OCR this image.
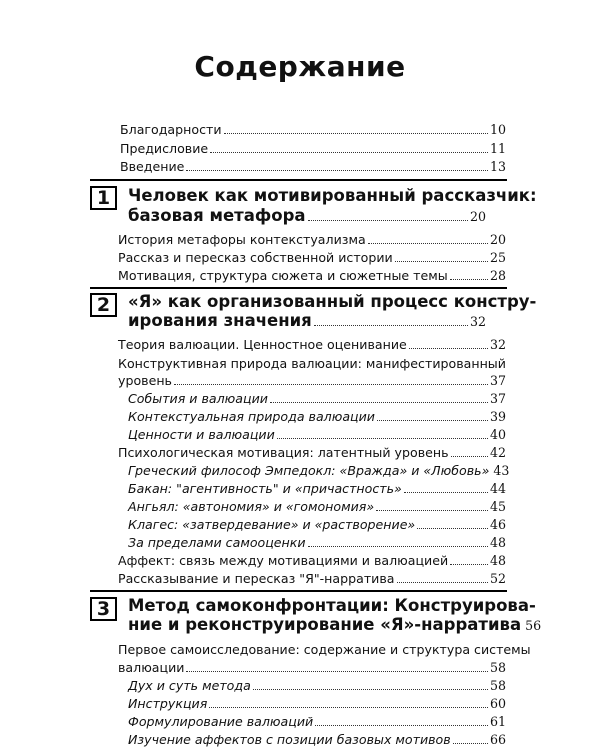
Содержание
Благодарности	10
Предисловие	11
Введение	13
1	Человек как мотивированный рассказчик:
базовая метафора	20
История метафоры контекстуализма	20
Рассказ и пересказ собственной истории	25
Мотивация, структура сюжета и сюжетные темы	28
2	«Я» как организованный процесс констру-
ирования значения	32
Теория валюации. Ценностное оценивание	32
Конструктивная природа валюации: манифестированный
уровень	37
События и валюации	37
Контекстуальная природа валюации	39
Ценности и валюации	40
Психологическая мотивация: латентный уровень	42
Греческий философ Эмпедокл: «Вражда» и «Любовь» 43
Бакан: "агентивность" и «причастность»	44
Ангьял: «автономия» и «гомономия»	45
Клагес: «затвердевание» и «растворение»	46
За пределами самооценки	48
Аффект: связь между мотивациями и валюацией	48
Рассказывание и пересказ "Я"-нарратива	52
3	Метод самоконфронтации: Конструирова-
ние и реконструирование «Я»-нарратива 56
Первое самоисследование: содержание и структура системы
валюации	58
Дух и суть метода	58
Инструкция	60
Формулирование валюаций	61
Изучение аффектов с позиции базовых мотивов	66
